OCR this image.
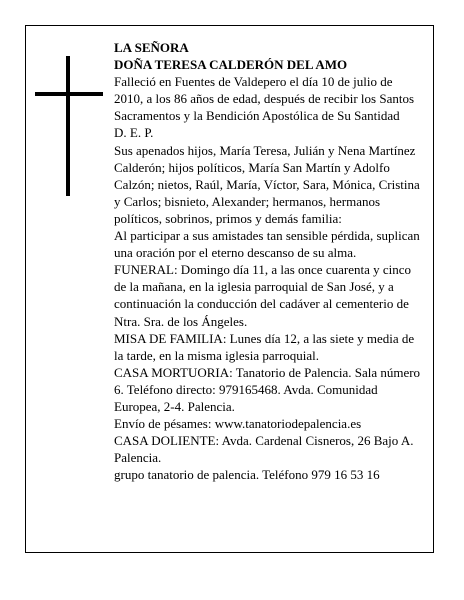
LA SEÑORA

DOÑA TERESA CALDERÓN DEL AMO

Falleció en Fuentes de Valdepero el día 10 de julio de 2010, a los 86 años de edad, después de recibir los Santos Sacramentos y la Bendición Apostólica de Su Santidad

D. E. P.

Sus apenados hijos, María Teresa, Julián y Nena Martínez Calderón; hijos políticos, María San Martín y Adolfo Calzón; nietos, Raúl, María, Víctor, Sara, Mónica, Cristina y Carlos; bisnieto, Alexander; hermanos, hermanos políticos, sobrinos, primos y demás familia:

Al participar a sus amistades tan sensible pérdida, suplican una oración por el eterno descanso de su alma.

FUNERAL: Domingo día 11, a las once cuarenta y cinco de la mañana, en la iglesia parroquial de San José, y a continuación la conducción del cadáver al cementerio de Ntra. Sra. de los Ángeles.

MISA DE FAMILIA: Lunes día 12, a las siete y media de la tarde, en la misma iglesia parroquial.

CASA MORTUORIA: Tanatorio de Palencia. Sala número 6. Teléfono directo: 979165468. Avda. Comunidad Europea, 2-4. Palencia.

Envío de pésames: www.tanatoriodepalencia.es

CASA DOLIENTE: Avda. Cardenal Cisneros, 26 Bajo A. Palencia.

grupo tanatorio de palencia. Teléfono 979 16 53 16
